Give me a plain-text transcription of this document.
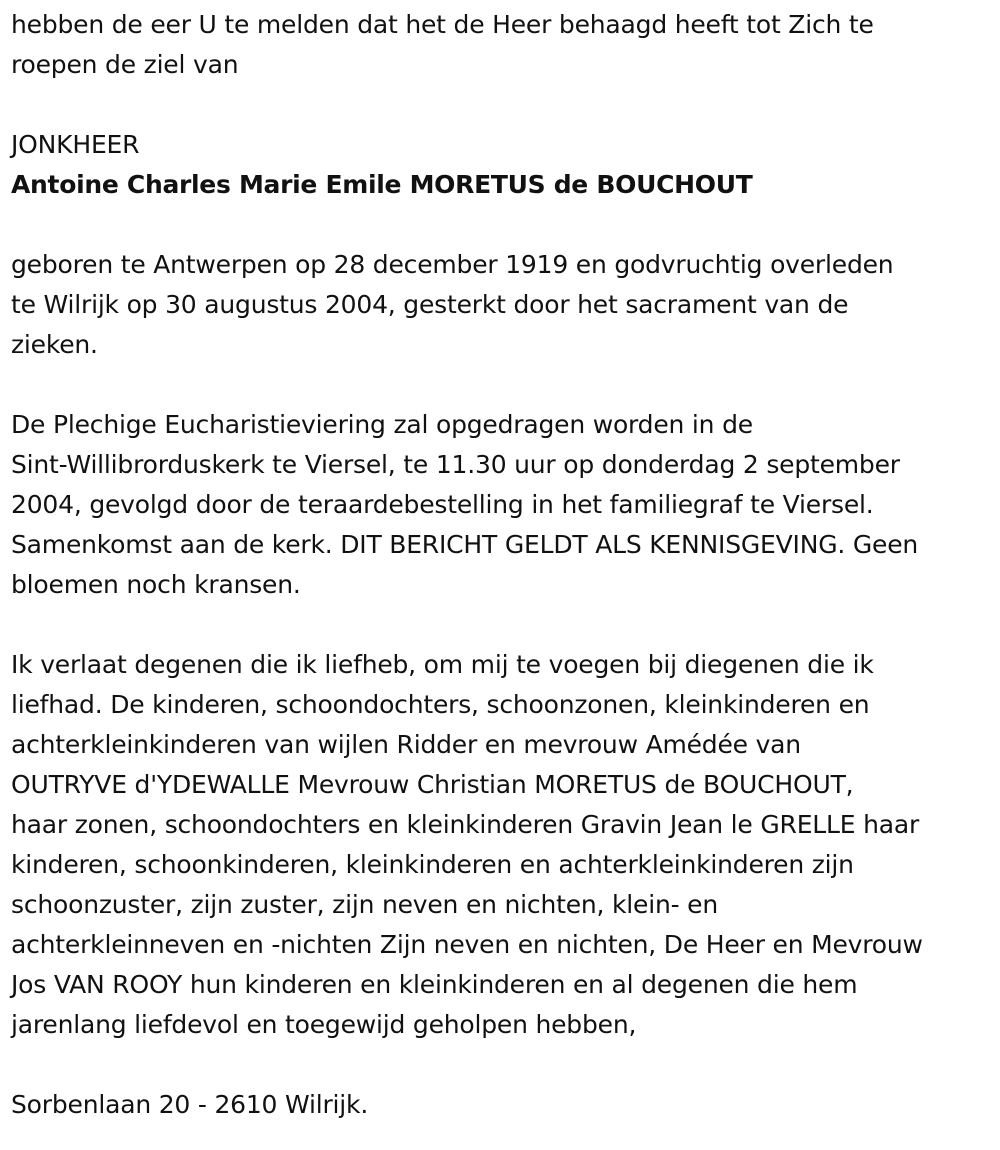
hebben de eer U te melden dat het de Heer behaagd heeft tot Zich te
roepen de ziel van

JONKHEER

Antoine Charles Marie Emile MORETUS de BOUCHOUT

geboren te Antwerpen op 28 december 1919 en godvruchtig overleden
te Wilrijk op 30 augustus 2004, gesterkt door het sacrament van de
zieken.

De Plechige Eucharistieviering zal opgedragen worden in de
Sint-Willibrorduskerk te Viersel, te 11.30 uur op donderdag 2 september
2004, gevolgd door de teraardebestelling in het familiegraf te Viersel.
Samenkomst aan de kerk. DIT BERICHT GELDT ALS KENNISGEVING. Geen
bloemen noch kransen.

Ik verlaat degenen die ik liefheb, om mij te voegen bij diegenen die ik
liefhad. De kinderen, schoondochters, schoonzonen, kleinkinderen en
achterkleinkinderen van wijlen Ridder en mevrouw Amédée van
OUTRYVE d'YDEWALLE Mevrouw Christian MORETUS de BOUCHOUT,
haar zonen, schoondochters en kleinkinderen Gravin Jean le GRELLE haar
kinderen, schoonkinderen, kleinkinderen en achterkleinkinderen zijn
schoonzuster, zijn zuster, zijn neven en nichten, klein- en
achterkleinneven en -nichten Zijn neven en nichten, De Heer en Mevrouw
Jos VAN ROOY hun kinderen en kleinkinderen en al degenen die hem
jarenlang liefdevol en toegewijd geholpen hebben,

Sorbenlaan 20 - 2610 Wilrijk.
